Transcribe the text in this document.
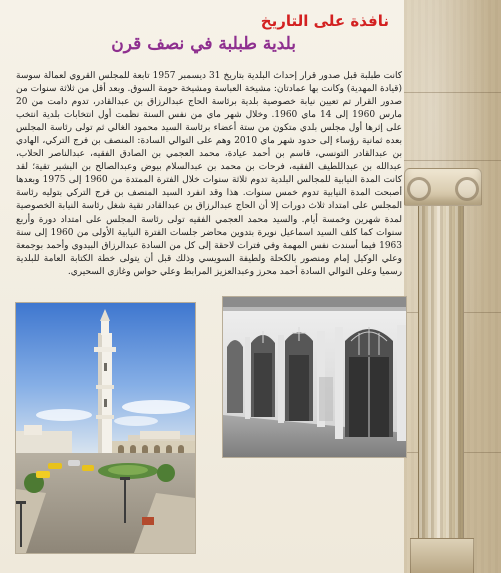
نافذة على التاريخ
بلدية طبلبة في نصف قرن

كانت طبلبة قبل صدور قرار إحداث البلدية بتاريخ 31 ديسمبر 1957 تابعة للمجلس القروي لعمالة سوسة (قيادة المهدية) وكانت بها عمادتان: مشيخة العباسة ومشيخة حومة السوق. وبعد أقل من ثلاثة سنوات من صدور القرار تم تعيين نيابة خصوصية بلدية برئاسة الحاج عبدالرزاق بن عبدالقادر، تدوم دامت من 20 مارس 1960 إلى 14 ماي 1960. وخلال شهر ماي من نفس السنة نظمت أول انتخابات بلدية انتخب على إثرها أول مجلس بلدي متكون من ستة أعضاء برئاسة السيد محمود الغالي ثم تولى رئاسة المجلس بعده ثمانية رؤساء إلى حدود شهر ماي 2010 وهم على التوالي السادة: المنصف بن فرج التركي، الهادي بن عبدالقادر التونسي، قاسم بن أحمد عيادة، محمد العجمي بن الصادق الفقيه، عبدالناصر الحلاب، عبدالله بن عبداللطيف الفقيه، فرحات بن محمد بن عبدالسلام بيوض وعبدالصالح بن البشير تقية؛ لقد كانت المدة النيابية للمجالس البلدية تدوم ثلاثة سنوات خلال الفترة الممتدة من 1960 إلى 1975 وبعدها أصبحت المدة النيابية تدوم خمس سنوات. هذا وقد انفرد السيد المنصف بن فرج التركي بتوليه رئاسة المجلس على امتداد ثلاث دورات إلا أن الحاج عبدالرزاق بن عبدالقادر تقية شغل رئاسة النيابة الخصوصية لمدة شهرين وخمسة أيام. والسيد محمد العجمي الفقيه تولى رئاسة المجلس على امتداد دورة وأربع سنوات كما كلف السيد اسماعيل نويرة بتدوين محاضر جلسات الفترة النيابية الأولى من 1960 إلى سنة 1963 فيما أسندت نفس المهمة وفي فترات لاحقة إلى كل من السادة عبدالرزاق البيدوي وأحمد بوجمعة وعلي الوكيل إمام ومنصور بالكحلة ولطيفة السويسي وذلك قبل أن يتولى خطة الكتابة العامة للبلدية رسميا وعلى التوالي السادة أحمد محرز وعبدالعزيز المرابط وعلي حواس وغازي السحيري.
